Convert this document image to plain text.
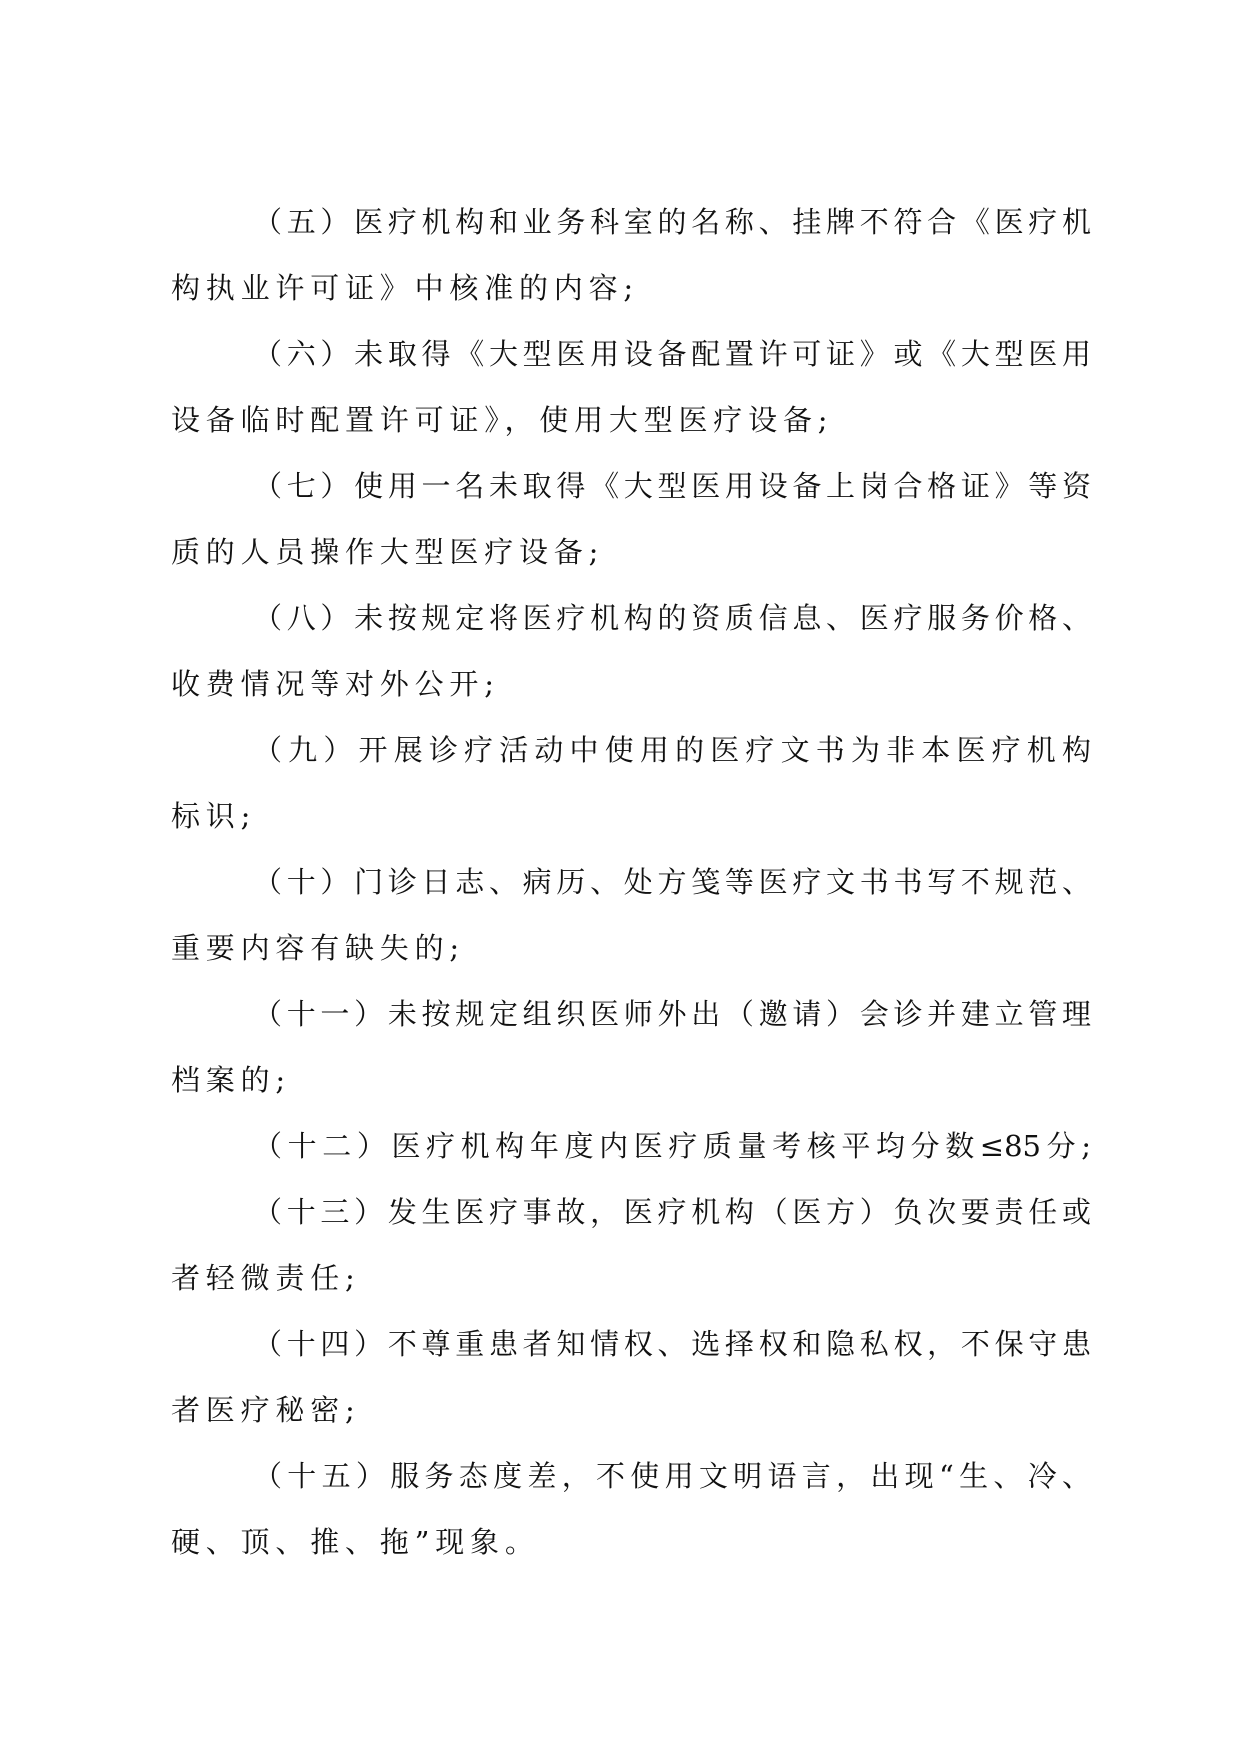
（五）医疗机构和业务科室的名称、挂牌不符合《医疗机
构执业许可证》中核准的内容;
（六）未取得《大型医用设备配置许可证》或《大型医用
设备临时配置许可证》，使用大型医疗设备;
（七）使用一名未取得《大型医用设备上岗合格证》等资
质的人员操作大型医疗设备;
（八）未按规定将医疗机构的资质信息、医疗服务价格、
收费情况等对外公开;
（九）开展诊疗活动中使用的医疗文书为非本医疗机构
标识;
（十）门诊日志、病历、处方笺等医疗文书书写不规范、
重要内容有缺失的;
（十一）未按规定组织医师外出（邀请）会诊并建立管理
档案的;
（十二）医疗机构年度内医疗质量考核平均分数≤85分;
（十三）发生医疗事故，医疗机构（医方）负次要责任或
者轻微责任;
（十四）不尊重患者知情权、选择权和隐私权，不保守患
者医疗秘密;
（十五）服务态度差，不使用文明语言，出现“生、冷、
硬、顶、推、拖”现象。
